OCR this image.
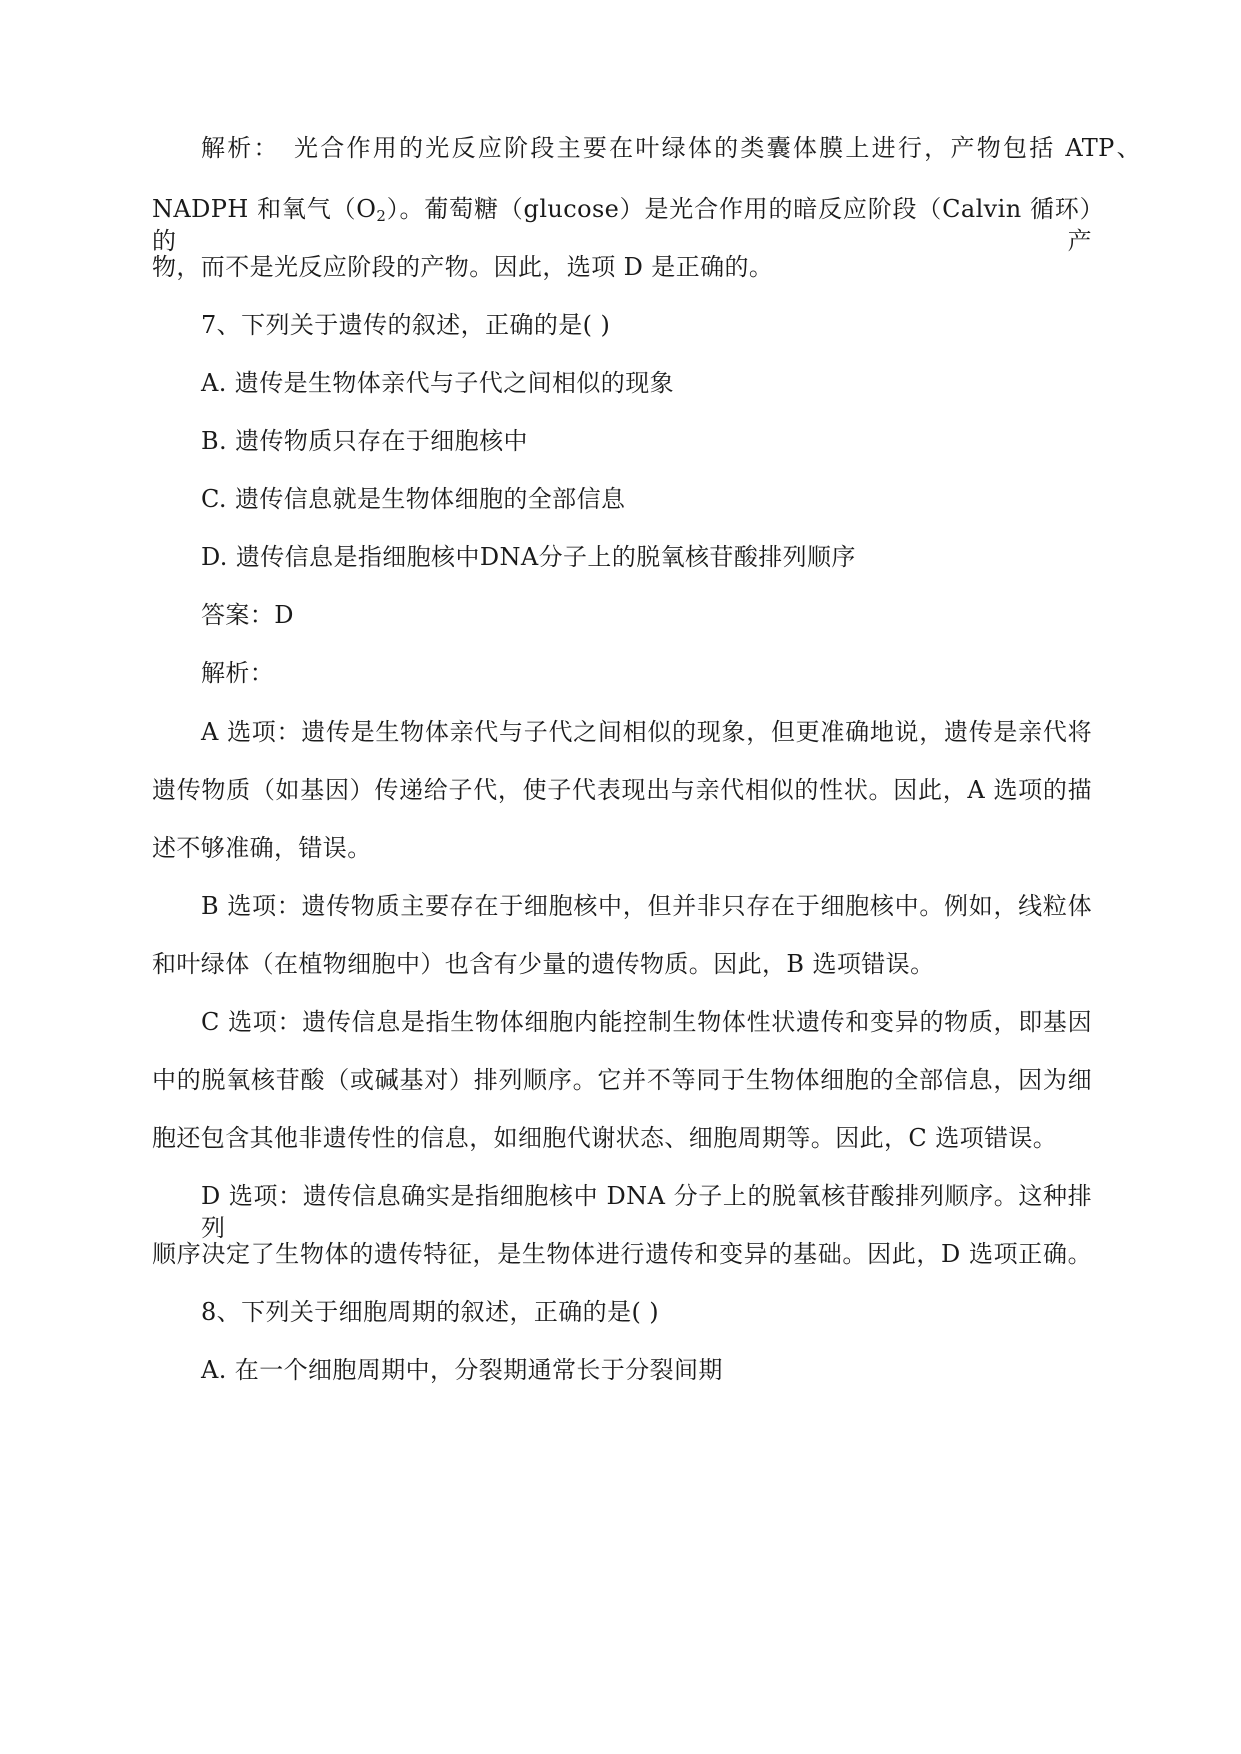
解析：　光合作用的光反应阶段主要在叶绿体的类囊体膜上进行，产物包括 ATP、
NADPH 和氧气$(O_2)$。葡萄糖（glucose）是光合作用的暗反应阶段（Calvin 循环）的产
物，而不是光反应阶段的产物。因此，选项 D 是正确的。
7、下列关于遗传的叙述，正确的是( )
A. 遗传是生物体亲代与子代之间相似的现象
B. 遗传物质只存在于细胞核中
C. 遗传信息就是生物体细胞的全部信息
D. 遗传信息是指细胞核中DNA分子上的脱氧核苷酸排列顺序
答案：D
解析：
A 选项：遗传是生物体亲代与子代之间相似的现象，但更准确地说，遗传是亲代将
遗传物质（如基因）传递给子代，使子代表现出与亲代相似的性状。因此，A 选项的描
述不够准确，错误。
B 选项：遗传物质主要存在于细胞核中，但并非只存在于细胞核中。例如，线粒体
和叶绿体（在植物细胞中）也含有少量的遗传物质。因此，B 选项错误。
C 选项：遗传信息是指生物体细胞内能控制生物体性状遗传和变异的物质，即基因
中的脱氧核苷酸（或碱基对）排列顺序。它并不等同于生物体细胞的全部信息，因为细
胞还包含其他非遗传性的信息，如细胞代谢状态、细胞周期等。因此，C 选项错误。
D 选项：遗传信息确实是指细胞核中 DNA 分子上的脱氧核苷酸排列顺序。这种排列
顺序决定了生物体的遗传特征，是生物体进行遗传和变异的基础。因此，D 选项正确。
8、下列关于细胞周期的叙述，正确的是( )
A. 在一个细胞周期中，分裂期通常长于分裂间期
